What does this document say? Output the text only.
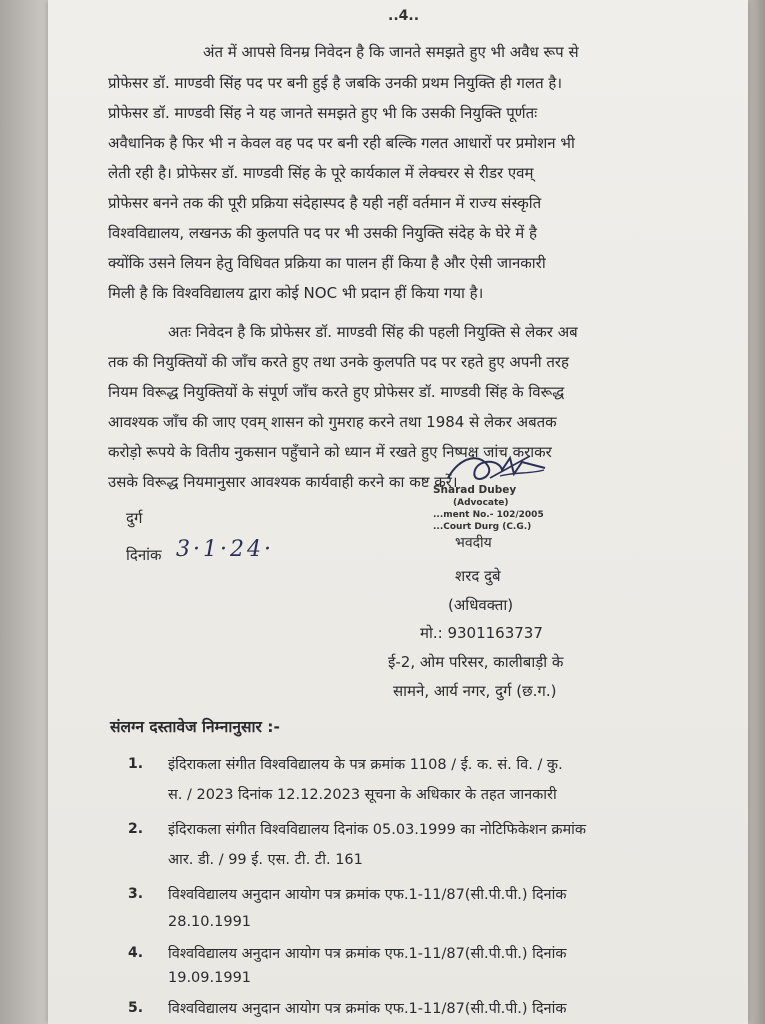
..4..
अंत में आपसे विनम्र निवेदन है कि जानते समझते हुए भी अवैध रूप से
प्रोफेसर डॉ. माण्डवी सिंह पद पर बनी हुई है जबकि उनकी प्रथम नियुक्ति ही गलत है।
प्रोफेसर डॉ. माण्डवी सिंह ने यह जानते समझते हुए भी कि उसकी नियुक्ति पूर्णतः
अवैधानिक है फिर भी न केवल वह पद पर बनी रही बल्कि गलत आधारों पर प्रमोशन भी
लेती रही है। प्रोफेसर डॉ. माण्डवी सिंह के पूरे कार्यकाल में लेक्चरर से रीडर एवम्
प्रोफेसर बनने तक की पूरी प्रक्रिया संदेहास्पद है यही नहीं वर्तमान में राज्य संस्कृति
विश्वविद्यालय, लखनऊ की कुलपति पद पर भी उसकी नियुक्ति संदेह के घेरे में है
क्योंकि उसने लियन हेतु विधिवत प्रक्रिया का पालन हीं किया है और ऐसी जानकारी
मिली है कि विश्वविद्यालय द्वारा कोई NOC भी प्रदान हीं किया गया है।
अतः निवेदन है कि प्रोफेसर डॉ. माण्डवी सिंह की पहली नियुक्ति से लेकर अब
तक की नियुक्तियों की जाँच करते हुए तथा उनके कुलपति पद पर रहते हुए अपनी तरह
नियम विरूद्ध नियुक्तियों के संपूर्ण जाँच करते हुए प्रोफेसर डॉ. माण्डवी सिंह के विरूद्ध
आवश्यक जाँच की जाए एवम् शासन को गुमराह करने तथा 1984 से लेकर अबतक
करोड़ो रूपये के वितीय नुकसान पहुँचाने को ध्यान में रखते हुए निष्पक्ष जांच कराकर
उसके विरूद्ध नियमानुसार आवश्यक कार्यवाही करने का कष्ट करें।
दुर्ग
दिनांक 3·1·24·
Sharad Dubey
(Advocate)
...ment No.- 102/2005
...Court Durg (C.G.)
भवदीय
शरद दुबे
(अधिवक्ता)
मो.: 9301163737
ई-2, ओम परिसर, कालीबाड़ी के
सामने, आर्य नगर, दुर्ग (छ.ग.)
संलग्न दस्तावेज निम्नानुसार :-
1. इंदिराकला संगीत विश्वविद्यालय के पत्र क्रमांक 1108 / ई. क. सं. वि. / कु.
स. / 2023 दिनांक 12.12.2023 सूचना के अधिकार के तहत जानकारी
2. इंदिराकला संगीत विश्वविद्यालय दिनांक 05.03.1999 का नोटिफिकेशन क्रमांक
आर. डी. / 99 ई. एस. टी. टी. 161
3. विश्वविद्यालय अनुदान आयोग पत्र क्रमांक एफ.1-11/87(सी.पी.पी.) दिनांक
28.10.1991
4. विश्वविद्यालय अनुदान आयोग पत्र क्रमांक एफ.1-11/87(सी.पी.पी.) दिनांक
19.09.1991
5. विश्वविद्यालय अनुदान आयोग पत्र क्रमांक एफ.1-11/87(सी.पी.पी.) दिनांक
